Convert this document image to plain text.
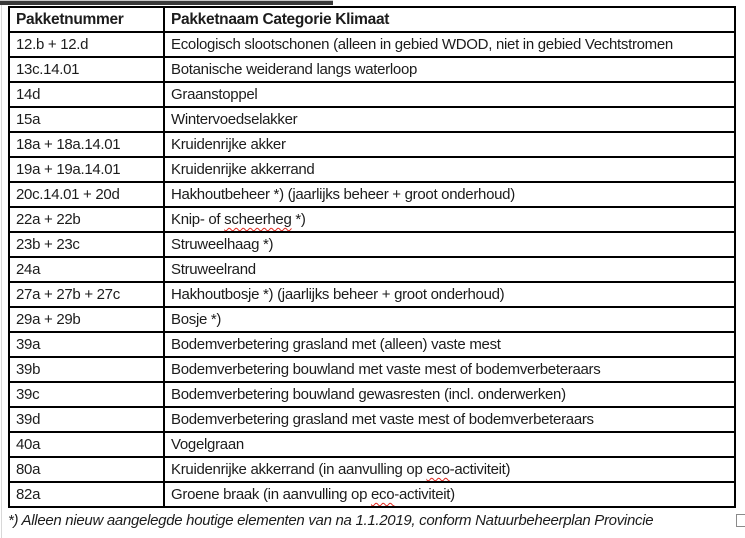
Pakketnummer	Pakketnaam Categorie Klimaat
12.b + 12.d	Ecologisch slootschonen (alleen in gebied WDOD, niet in gebied Vechtstromen
13c.14.01	Botanische weiderand langs waterloop
14d	Graanstoppel
15a	Wintervoedselakker
18a + 18a.14.01	Kruidenrijke akker
19a + 19a.14.01	Kruidenrijke akkerrand
20c.14.01 + 20d	Hakhoutbeheer *) (jaarlijks beheer + groot onderhoud)
22a + 22b	Knip- of scheerheg *)
23b + 23c	Struweelhaag *)
24a	Struweelrand
27a + 27b + 27c	Hakhoutbosje *) (jaarlijks beheer + groot onderhoud)
29a + 29b	Bosje *)
39a	Bodemverbetering grasland met (alleen) vaste mest
39b	Bodemverbetering bouwland met vaste mest of bodemverbeteraars
39c	Bodemverbetering bouwland gewasresten (incl. onderwerken)
39d	Bodemverbetering grasland met vaste mest of bodemverbeteraars
40a	Vogelgraan
80a	Kruidenrijke akkerrand (in aanvulling op eco-activiteit)
82a	Groene braak (in aanvulling op eco-activiteit)
*) Alleen nieuw aangelegde houtige elementen van na 1.1.2019, conform Natuurbeheerplan Provincie
